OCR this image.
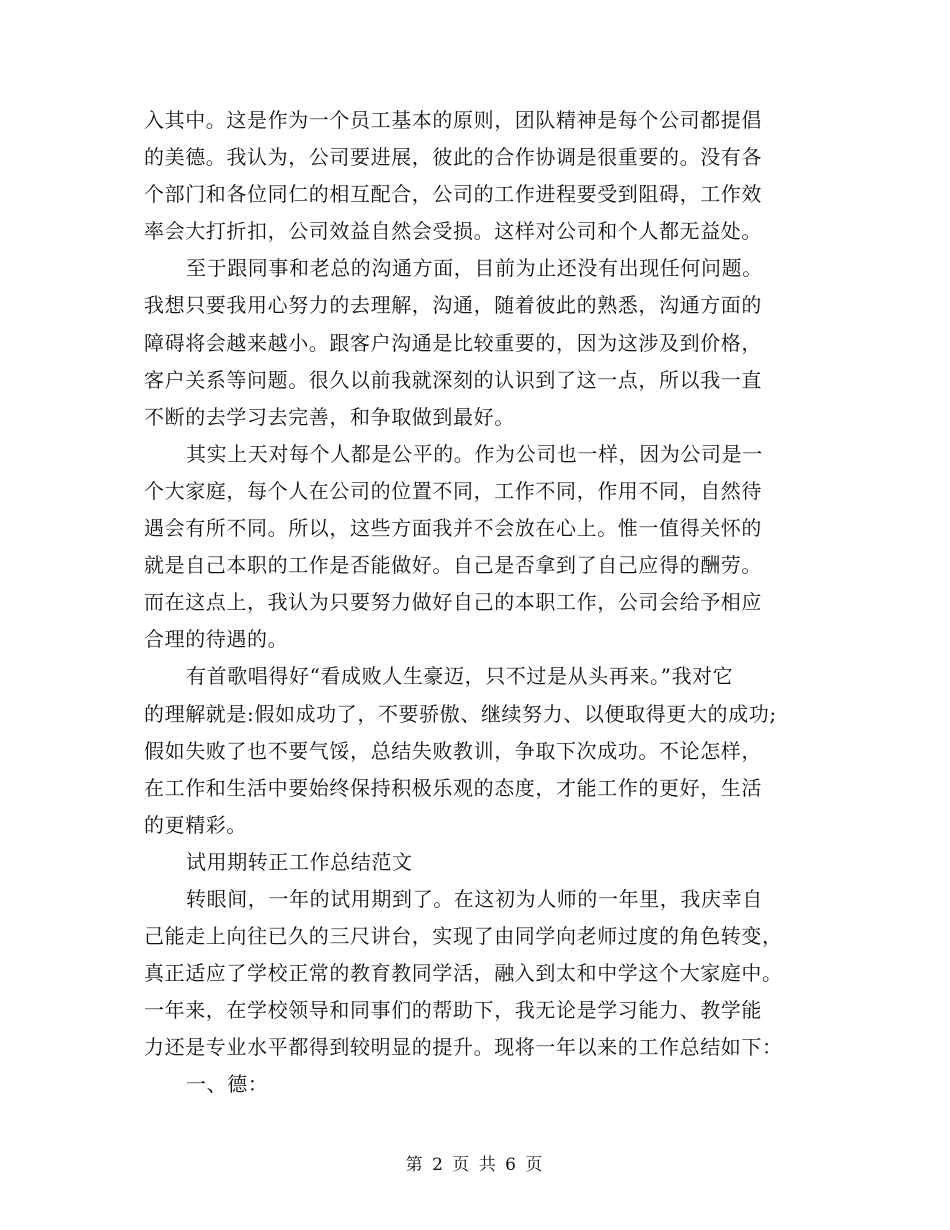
入其中。这是作为一个员工基本的原则，团队精神是每个公司都提倡
的美德。我认为，公司要进展，彼此的合作协调是很重要的。没有各
个部门和各位同仁的相互配合，公司的工作进程要受到阻碍，工作效
率会大打折扣，公司效益自然会受损。这样对公司和个人都无益处。
至于跟同事和老总的沟通方面，目前为止还没有出现任何问题。
我想只要我用心努力的去理解，沟通，随着彼此的熟悉，沟通方面的
障碍将会越来越小。跟客户沟通是比较重要的，因为这涉及到价格，
客户关系等问题。很久以前我就深刻的认识到了这一点，所以我一直
不断的去学习去完善，和争取做到最好。
其实上天对每个人都是公平的。作为公司也一样，因为公司是一
个大家庭，每个人在公司的位置不同，工作不同，作用不同，自然待
遇会有所不同。所以，这些方面我并不会放在心上。惟一值得关怀的
就是自己本职的工作是否能做好。自己是否拿到了自己应得的酬劳。
而在这点上，我认为只要努力做好自己的本职工作，公司会给予相应
合理的待遇的。
有首歌唱得好“看成败人生豪迈，只不过是从头再来。”我对它
的理解就是:假如成功了，不要骄傲、继续努力、以便取得更大的成功;
假如失败了也不要气馁，总结失败教训，争取下次成功。不论怎样，
在工作和生活中要始终保持积极乐观的态度，才能工作的更好，生活
的更精彩。
试用期转正工作总结范文
转眼间，一年的试用期到了。在这初为人师的一年里，我庆幸自
己能走上向往已久的三尺讲台，实现了由同学向老师过度的角色转变，
真正适应了学校正常的教育教同学活，融入到太和中学这个大家庭中。
一年来，在学校领导和同事们的帮助下，我无论是学习能力、教学能
力还是专业水平都得到较明显的提升。现将一年以来的工作总结如下：
一、德：
第 2 页 共 6 页
